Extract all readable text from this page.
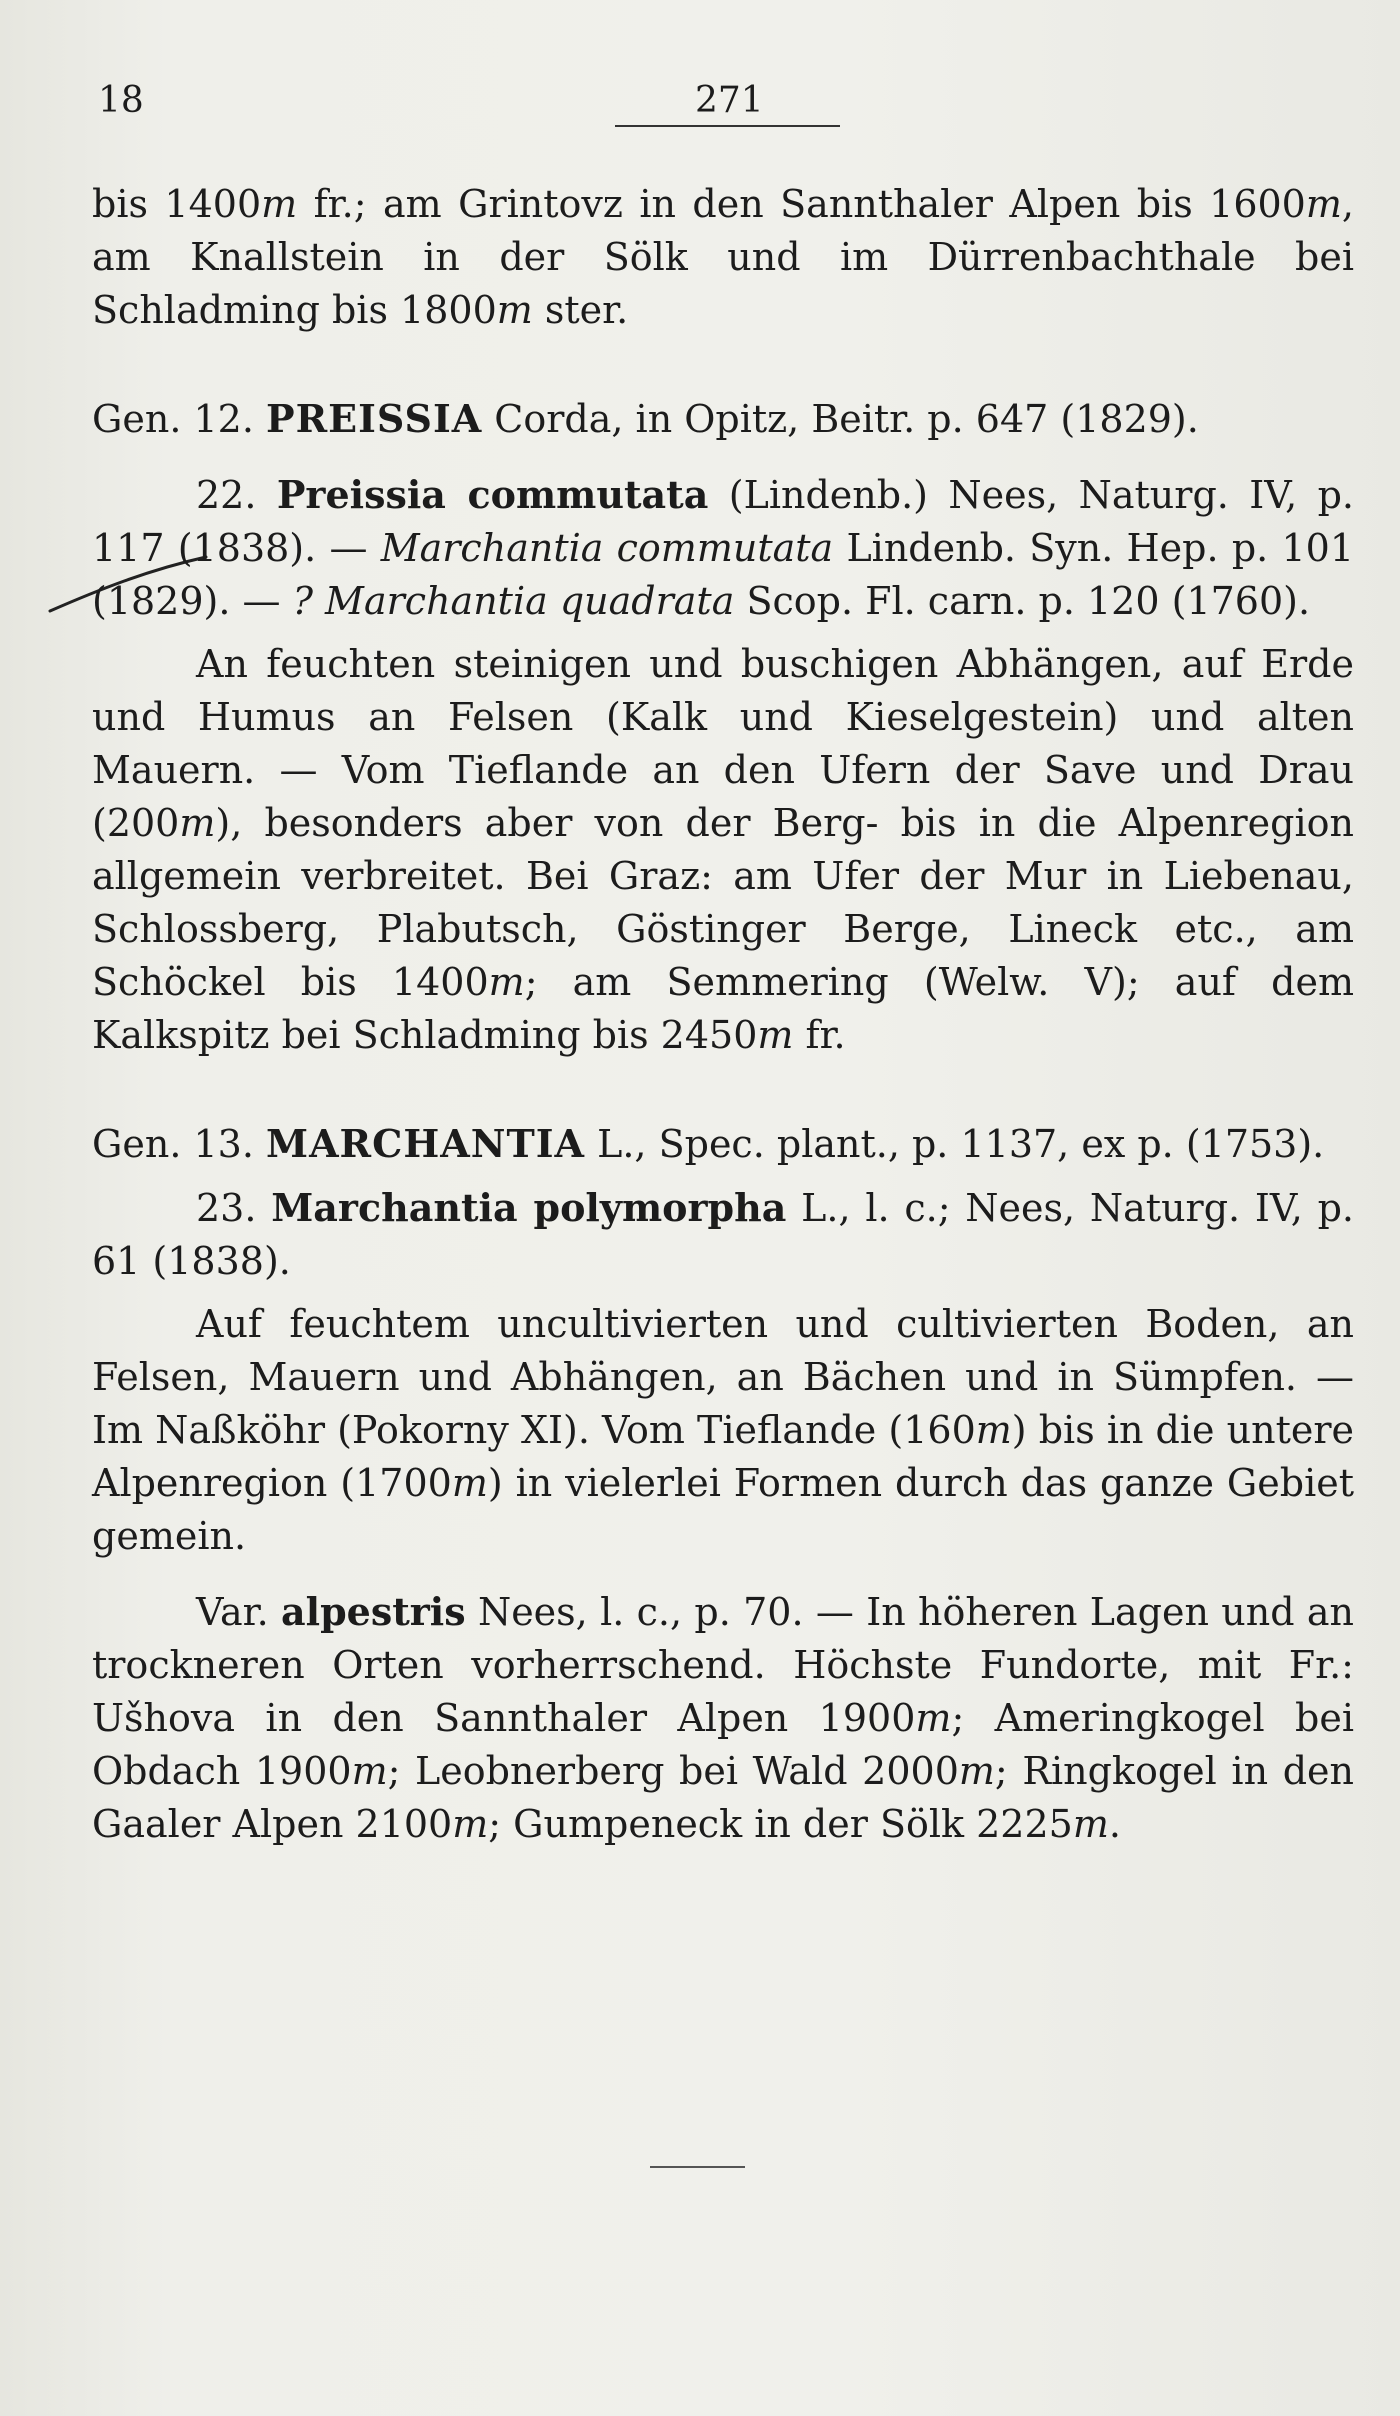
18	271

bis 1400m fr.; am Grintovz in den Sannthaler Alpen bis 1600m, am Knallstein in der Sölk und im Dürrenbachthale bei Schladming bis 1800m ster.

Gen. 12. PREISSIA Corda, in Opitz, Beitr. p. 647 (1829).

22. Preissia commutata (Lindenb.) Nees, Naturg. IV, p. 117 (1838). — Marchantia commutata Lindenb. Syn. Hep. p. 101 (1829). — ? Marchantia quadrata Scop. Fl. carn. p. 120 (1760).

An feuchten steinigen und buschigen Abhängen, auf Erde und Humus an Felsen (Kalk und Kieselgestein) und alten Mauern. — Vom Tieflande an den Ufern der Save und Drau (200m), besonders aber von der Berg- bis in die Alpenregion allgemein verbreitet. Bei Graz: am Ufer der Mur in Liebenau, Schlossberg, Plabutsch, Göstinger Berge, Lineck etc., am Schöckel bis 1400m; am Semmering (Welw. V); auf dem Kalkspitz bei Schladming bis 2450m fr.

Gen. 13. MARCHANTIA L., Spec. plant., p. 1137, ex p. (1753).

23. Marchantia polymorpha L., l. c.; Nees, Naturg. IV, p. 61 (1838).

Auf feuchtem uncultivierten und cultivierten Boden, an Felsen, Mauern und Abhängen, an Bächen und in Sümpfen. — Im Naßköhr (Pokorny XI). Vom Tieflande (160m) bis in die untere Alpenregion (1700m) in vielerlei Formen durch das ganze Gebiet gemein.

Var. alpestris Nees, l. c., p. 70. — In höheren Lagen und an trockneren Orten vorherrschend. Höchste Fundorte, mit Fr.: Ušhova in den Sannthaler Alpen 1900m; Ameringkogel bei Obdach 1900m; Leobnerberg bei Wald 2000m; Ringkogel in den Gaaler Alpen 2100m; Gumpeneck in der Sölk 2225m.
